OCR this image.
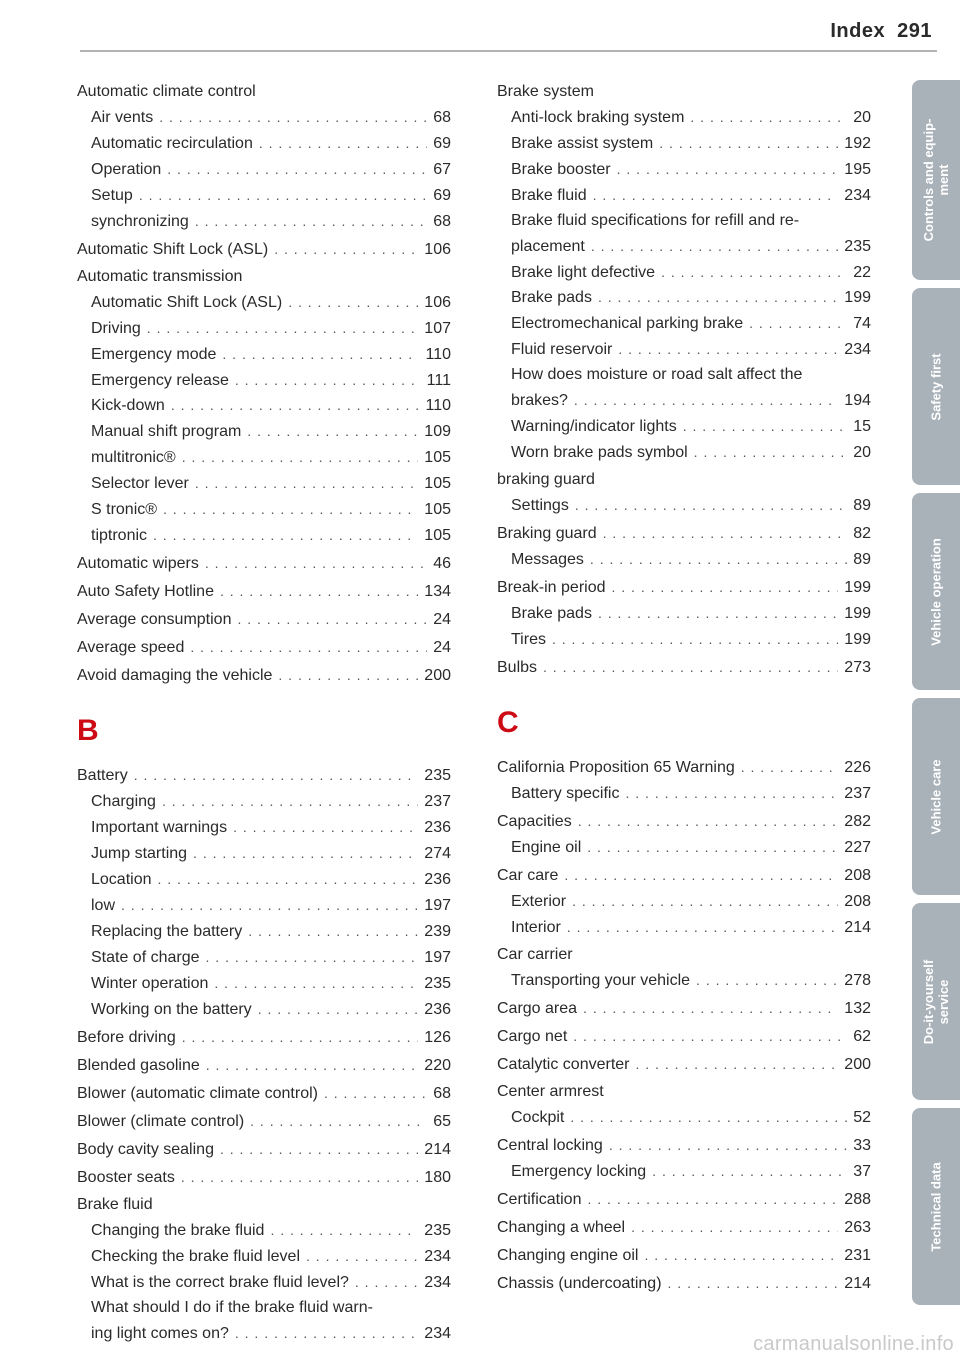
Index 291
Automatic climate control
Air vents . . .	68
Automatic recirculation . . .	69
Operation . . .	67
Setup . . .	69
synchronizing . . .	68
Automatic Shift Lock (ASL) . . .	106
Automatic transmission
Automatic Shift Lock (ASL) . . .	106
Driving . . .	107
Emergency mode . . .	110
Emergency release . . .	111
Kick-down . . .	110
Manual shift program . . .	109
multitronic® . . .	105
Selector lever . . .	105
S tronic® . . .	105
tiptronic . . .	105
Automatic wipers . . .	46
Auto Safety Hotline . . .	134
Average consumption . . .	24
Average speed . . .	24
Avoid damaging the vehicle . . .	200
B
Battery . . .	235
Charging . . .	237
Important warnings . . .	236
Jump starting . . .	274
Location . . .	236
low . . .	197
Replacing the battery . . .	239
State of charge . . .	197
Winter operation . . .	235
Working on the battery . . .	236
Before driving . . .	126
Blended gasoline . . .	220
Blower (automatic climate control) . . .	68
Blower (climate control) . . .	65
Body cavity sealing . . .	214
Booster seats . . .	180
Brake fluid
Changing the brake fluid . . .	235
Checking the brake fluid level . . .	234
What is the correct brake fluid level? . . .	234
What should I do if the brake fluid warn-
ing light comes on? . . .	234
Brake system
Anti-lock braking system . . .	20
Brake assist system . . .	192
Brake booster . . .	195
Brake fluid . . .	234
Brake fluid specifications for refill and re-
placement . . .	235
Brake light defective . . .	22
Brake pads . . .	199
Electromechanical parking brake . . .	74
Fluid reservoir . . .	234
How does moisture or road salt affect the
brakes? . . .	194
Warning/indicator lights . . .	15
Worn brake pads symbol . . .	20
braking guard
Settings . . .	89
Braking guard . . .	82
Messages . . .	89
Break-in period . . .	199
Brake pads . . .	199
Tires . . .	199
Bulbs . . .	273
C
California Proposition 65 Warning . . .	226
Battery specific . . .	237
Capacities . . .	282
Engine oil . . .	227
Car care . . .	208
Exterior . . .	208
Interior . . .	214
Car carrier
Transporting your vehicle . . .	278
Cargo area . . .	132
Cargo net . . .	62
Catalytic converter . . .	200
Center armrest
Cockpit . . .	52
Central locking . . .	33
Emergency locking . . .	37
Certification . . .	288
Changing a wheel . . .	263
Changing engine oil . . .	231
Chassis (undercoating) . . .	214
Controls and equip- ment
Safety first
Vehicle operation
Vehicle care
Do-it-yourself service
Technical data
carmanualsonline.info
